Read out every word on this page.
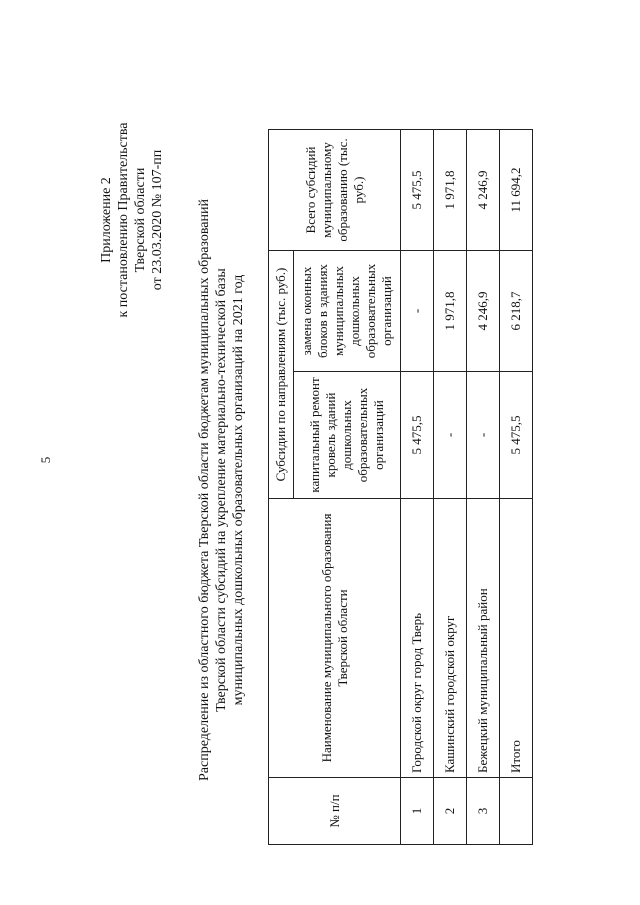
Приложение 2 к постановлению Правительства Тверской области от 23.03.2020 № 107-пп Распределение из областного бюджета Тверской области бюджетам муниципальных образований Тверской области субсидий на укрепление материально-технической базы муниципальных дошкольных образовательных организаций на 2021 год
№ п/п	Наименование муниципального образования Тверской области	Субсидии по направлениям (тыс. руб.)		Всего субсидий муниципальному образованию (тыс. руб.)
		капитальный ремонт кровель зданий дошкольных образовательных организаций	замена оконных блоков в зданиях муниципальных дошкольных образовательных организаций	
1	Городской округ город Тверь	5 475,5	-	5 475,5
2	Кашинский городской округ	-	1 971,8	1 971,8
3	Бежецкий муниципальный район	-	4 246,9	4 246,9
	Итого	5 475,5	6 218,7	11 694,2
5
